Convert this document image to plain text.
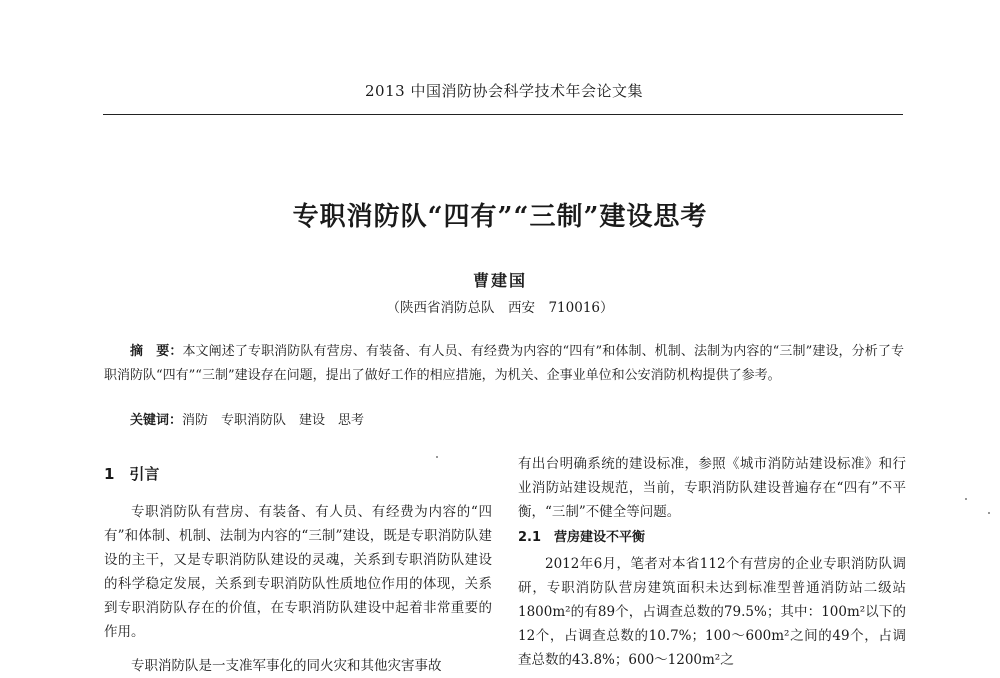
2013 中国消防协会科学技术年会论文集
专职消防队“四有”“三制”建设思考
曹建国
（陕西省消防总队　西安　710016）
摘　要：本文阐述了专职消防队有营房、有装备、有人员、有经费为内容的“四有”和体制、机制、法制为内容的“三制”建设，分析了专职消防队“四有”“三制”建设存在问题，提出了做好工作的相应措施，为机关、企事业单位和公安消防机构提供了参考。
关键词：消防　专职消防队　建设　思考
1　引言

专职消防队有营房、有装备、有人员、有经费为内容的“四有”和体制、机制、法制为内容的“三制”建设，既是专职消防队建设的主干，又是专职消防队建设的灵魂，关系到专职消防队建设的科学稳定发展，关系到专职消防队性质地位作用的体现，关系到专职消防队存在的价值，在专职消防队建设中起着非常重要的作用。

专职消防队是一支准军事化的同火灾和其他灾害事故

有出台明确系统的建设标准，参照《城市消防站建设标准》和行业消防站建设规范，当前，专职消防队建设普遍存在“四有”不平衡，“三制”不健全等问题。

2.1　营房建设不平衡

2012年6月，笔者对本省112个有营房的企业专职消防队调研，专职消防队营房建筑面积未达到标准型普通消防站二级站1800m²的有89个，占调查总数的79.5%；其中：100m²以下的12个，占调查总数的10.7%；100～600m²之间的49个，占调查总数的43.8%；600～1200m²之
